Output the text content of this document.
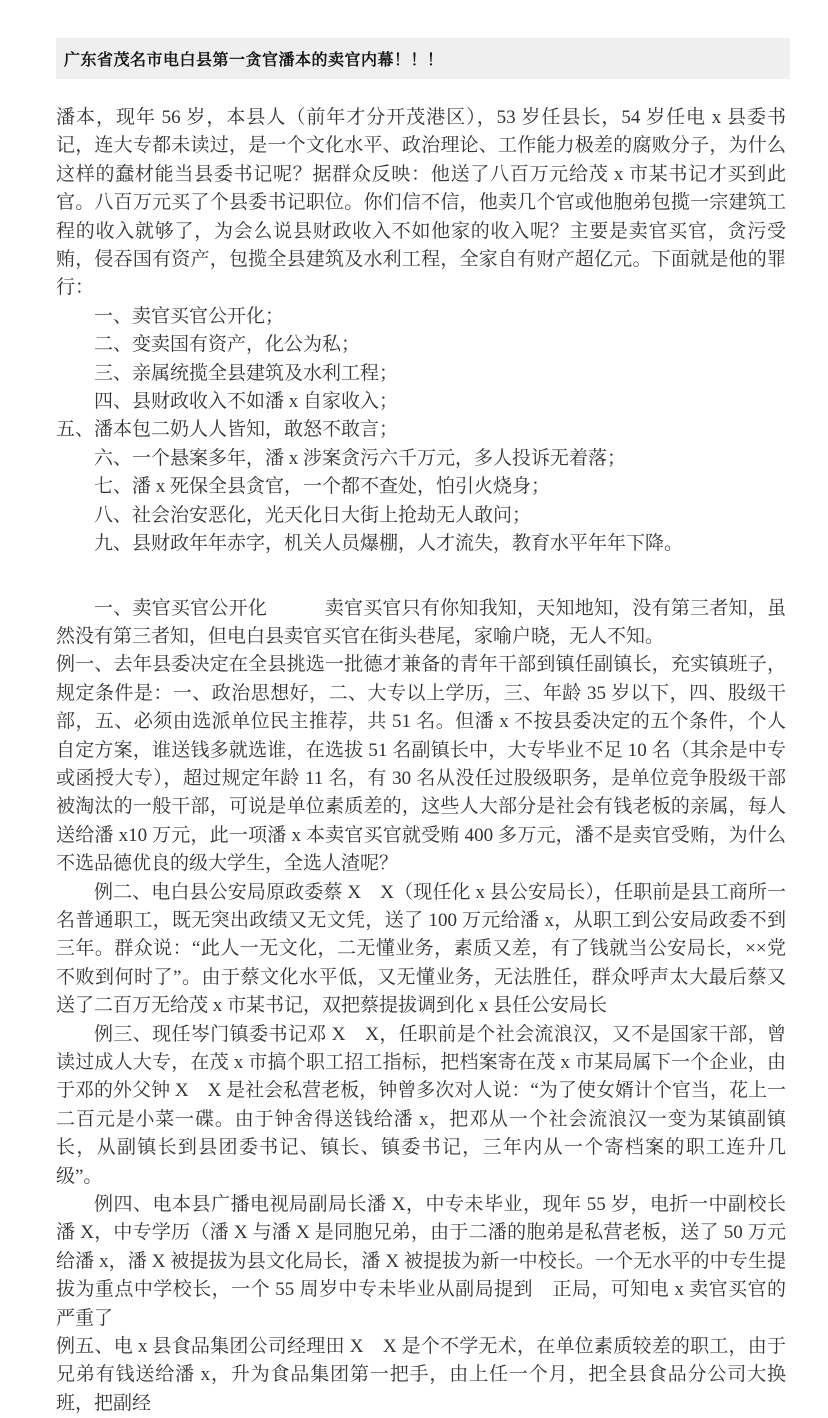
广东省茂名市电白县第一贪官潘本的卖官内幕！！！

潘本，现年 56 岁，本县人（前年才分开茂港区），53 岁任县长，54 岁任电 x 县委书记，连大专都未读过，是一个文化水平、政治理论、工作能力极差的腐败分子，为什么这样的蠢材能当县委书记呢？据群众反映：他送了八百万元给茂 x 市某书记才买到此官。八百万元买了个县委书记职位。你们信不信，他卖几个官或他胞弟包揽一宗建筑工程的收入就够了，为会么说县财政收入不如他家的收入呢？主要是卖官买官，贪污受贿，侵吞国有资产，包揽全县建筑及水利工程，全家自有财产超亿元。下面就是他的罪行：

一、卖官买官公开化；

二、变卖国有资产，化公为私；

三、亲属统揽全县建筑及水利工程；

四、县财政收入不如潘 x 自家收入；

五、潘本包二奶人人皆知，敢怒不敢言；

六、一个悬案多年，潘 x 涉案贪污六千万元，多人投诉无着落；

七、潘 x 死保全县贪官，一个都不查处，怕引火烧身；

八、社会治安恶化，光天化日大街上抢劫无人敢问；

九、县财政年年赤字，机关人员爆棚，人才流失，教育水平年年下降。

一、卖官买官公开化　　　卖官买官只有你知我知，天知地知，没有第三者知，虽然没有第三者知，但电白县卖官买官在街头巷尾，家喻户晓，无人不知。

例一、去年县委决定在全县挑选一批德才兼备的青年干部到镇任副镇长，充实镇班子，规定条件是：一、政治思想好，二、大专以上学历，三、年龄 35 岁以下，四、股级干部，五、必须由选派单位民主推荐，共 51 名。但潘 x 不按县委决定的五个条件，个人自定方案，谁送钱多就选谁，在选拔 51 名副镇长中，大专毕业不足 10 名（其余是中专或函授大专），超过规定年龄 11 名，有 30 名从没任过股级职务，是单位竞争股级干部被淘汰的一般干部，可说是单位素质差的，这些人大部分是社会有钱老板的亲属，每人送给潘 x10 万元，此一项潘 x 本卖官买官就受贿 400 多万元，潘不是卖官受贿，为什么不选品德优良的级大学生，全选人渣呢？

例二、电白县公安局原政委蔡 X　X（现任化 x 县公安局长），任职前是县工商所一名普通职工，既无突出政绩又无文凭，送了 100 万元给潘 x，从职工到公安局政委不到三年。群众说：“此人一无文化，二无懂业务，素质又差，有了钱就当公安局长，××党不败到何时了”。由于蔡文化水平低，又无懂业务，无法胜任，群众呼声太大最后蔡又送了二百万无给茂 x 市某书记，双把蔡提拔调到化 x 县任公安局长

例三、现任岑门镇委书记邓 X　X，任职前是个社会流浪汉，又不是国家干部，曾读过成人大专，在茂 x 市搞个职工招工指标，把档案寄在茂 x 市某局属下一个企业，由于邓的外父钟 X　X 是社会私营老板，钟曾多次对人说：“为了使女婿计个官当，花上一二百元是小菜一碟。由于钟舍得送钱给潘 x，把邓从一个社会流浪汉一变为某镇副镇长，从副镇长到县团委书记、镇长、镇委书记，三年内从一个寄档案的职工连升几级”。

例四、电本县广播电视局副局长潘 X，中专未毕业，现年 55 岁，电折一中副校长潘 X，中专学历（潘 X 与潘 X 是同胞兄弟，由于二潘的胞弟是私营老板，送了 50 万元给潘 x，潘 X 被提拔为县文化局长，潘 X 被提拔为新一中校长。一个无水平的中专生提拔为重点中学校长，一个 55 周岁中专未毕业从副局提到　正局，可知电 x 卖官买官的严重了

例五、电 x 县食品集团公司经理田 X　X 是个不学无术，在单位素质较差的职工，由于兄弟有钱送给潘 x，升为食品集团第一把手，由上任一个月，把全县食品分公司大换班，把副经
